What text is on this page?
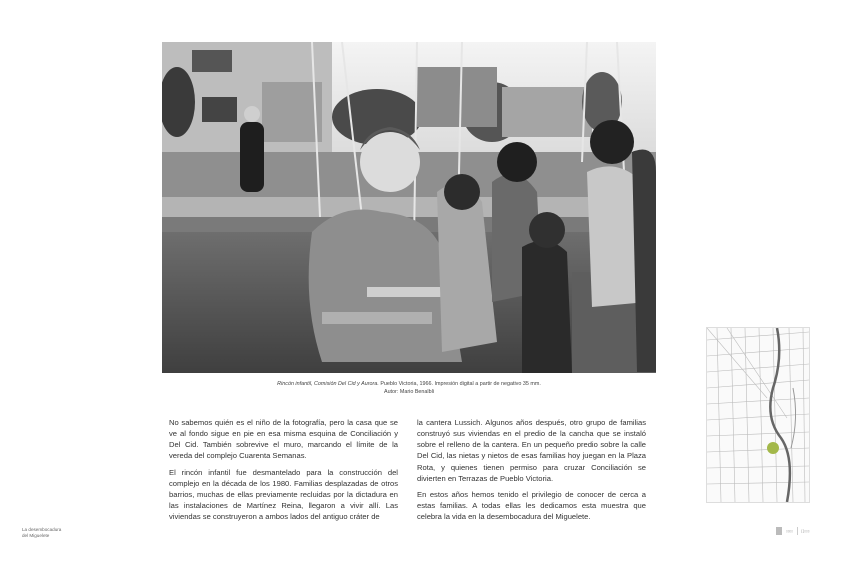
Rincón infantil, Comisión Del Cid y Aurora. Pueblo Victoria, 1966. Impresión digital a partir de negativo 35 mm.
Autor: Mario Benalbli

No sabemos quién es el niño de la fotografía, pero la casa que se ve al fondo sigue en pie en esa misma esquina de Conciliación y Del Cid. También sobrevive el muro, marcando el límite de la vereda del complejo Cuarenta Semanas.

El rincón infantil fue desmantelado para la construcción del complejo en la década de los 1980. Familias desplazadas de otros barrios, muchas de ellas previamente recluidas por la dictadura en las instalaciones de Martínez Reina, llegaron a vivir allí. Las viviendas se construyeron a ambos lados del antiguo cráter de

la cantera Lussich. Algunos años después, otro grupo de familias construyó sus viviendas en el predio de la cancha que se instaló sobre el relleno de la cantera. En un pequeño predio sobre la calle Del Cid, las nietas y nietos de esas familias hoy juegan en la Plaza Rota, y quienes tienen permiso para cruzar Conciliación se divierten en Terrazas de Pueblo Victoria.

En estos años hemos tenido el privilegio de conocer de cerca a estas familias. A todas ellas les dedicamos esta muestra que celebra la vida en la desembocadura del Miguelete.

La desembocadura
del Miguelete
▯▯▯▯	[ ]▯▯▯
